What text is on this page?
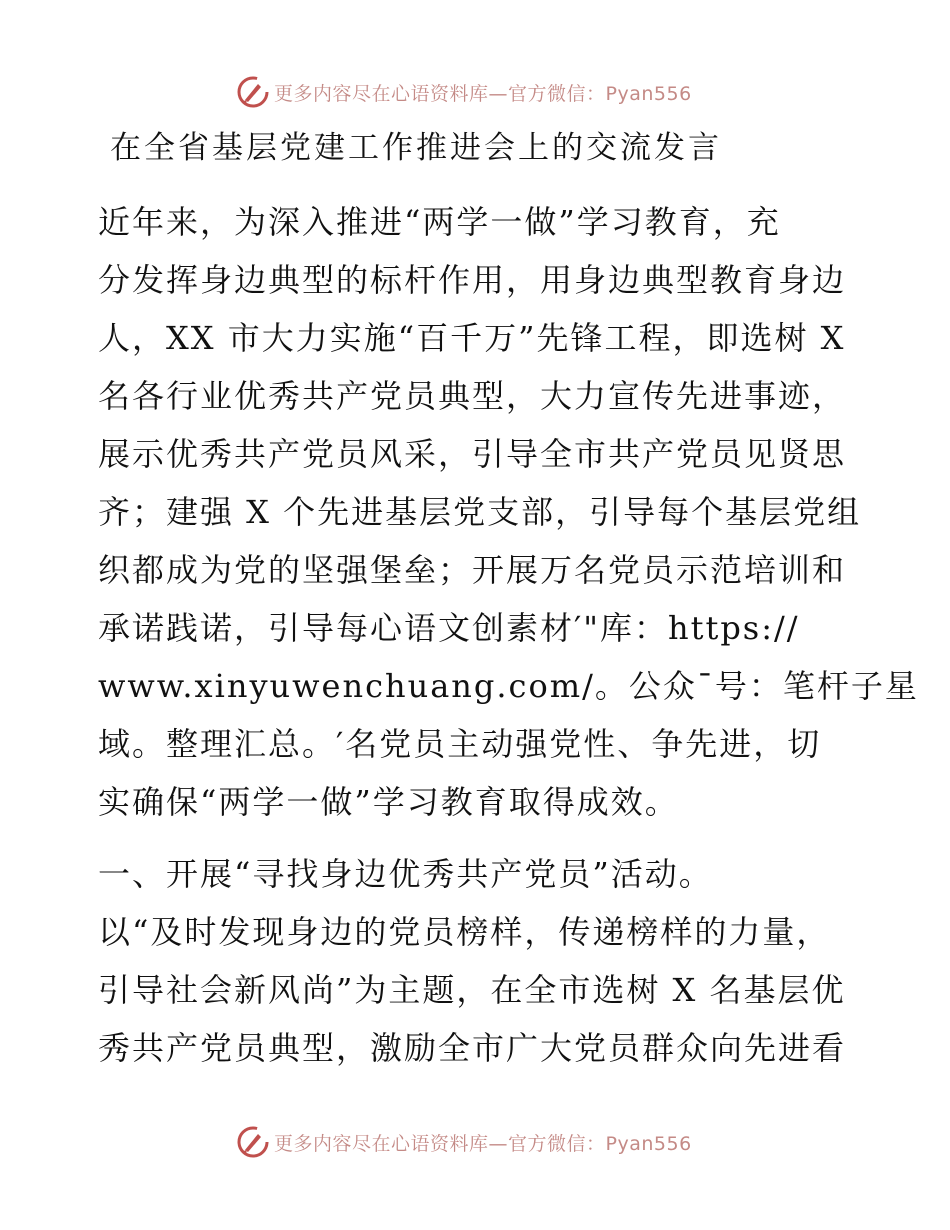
更多内容尽在心语资料库—官方微信：Pyan556
在全省基层党建工作推进会上的交流发言
近年来，为深入推进“两学一做”学习教育，充
分发挥身边典型的标杆作用，用身边典型教育身边
人，XX 市大力实施“百千万”先锋工程，即选树 X
名各行业优秀共产党员典型，大力宣传先进事迹，
展示优秀共产党员风采，引导全市共产党员见贤思
齐；建强 X 个先进基层党支部，引导每个基层党组
织都成为党的坚强堡垒；开展万名党员示范培训和
承诺践诺，引导每心语文创素材′"库：https://
www.xinyuwenchuang.com/。公众¯号：笔杆子星
域。整理汇总。′名党员主动强党性、争先进，切
实确保“两学一做”学习教育取得成效。
一、开展“寻找身边优秀共产党员”活动。
以“及时发现身边的党员榜样，传递榜样的力量，
引导社会新风尚”为主题，在全市选树 X 名基层优
秀共产党员典型，激励全市广大党员群众向先进看
更多内容尽在心语资料库—官方微信：Pyan556
